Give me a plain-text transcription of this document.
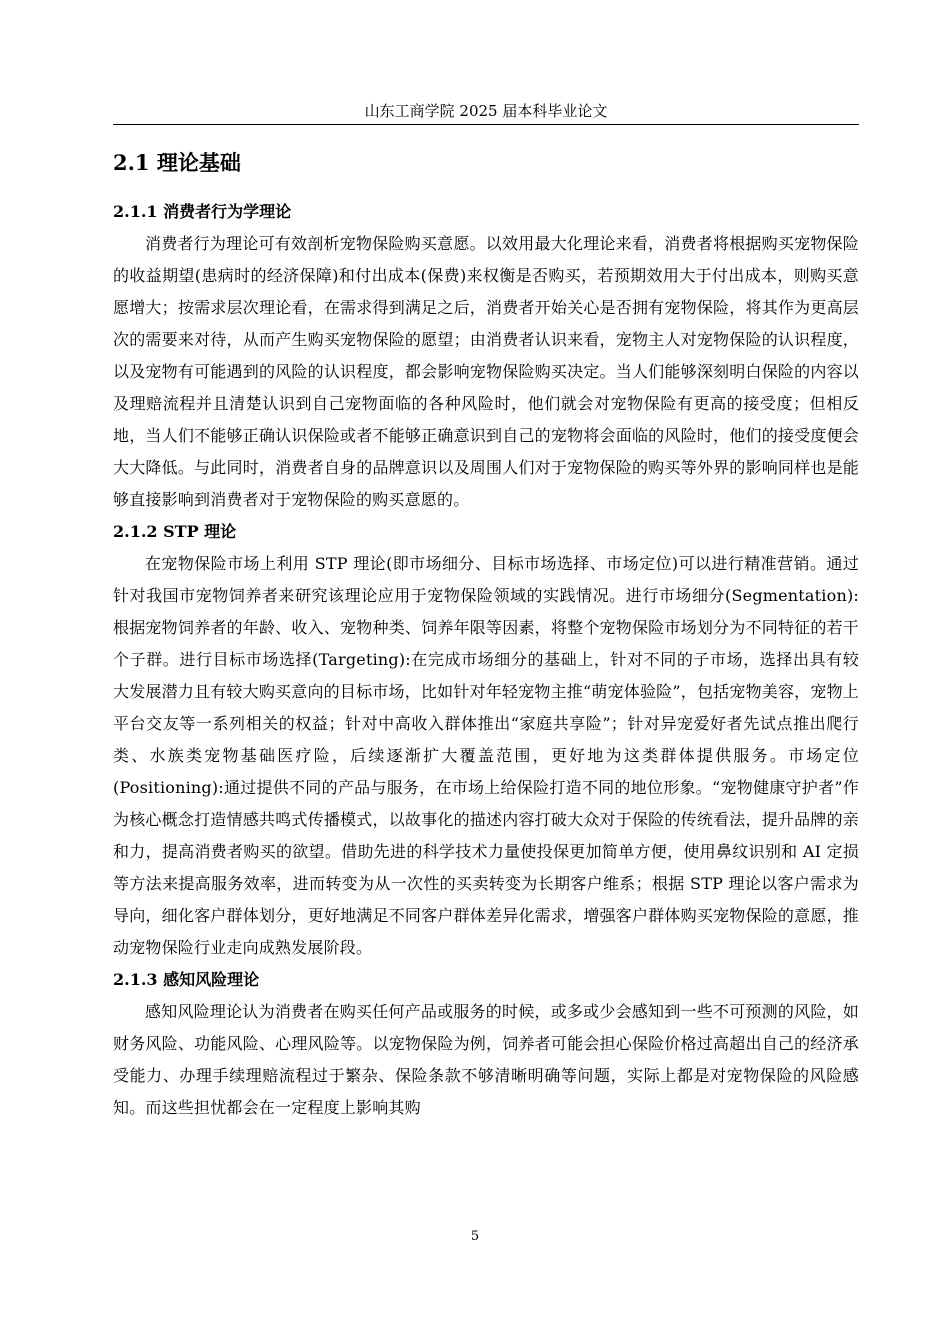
山东工商学院 2025 届本科毕业论文
2.1 理论基础
2.1.1 消费者行为学理论

消费者行为理论可有效剖析宠物保险购买意愿。以效用最大化理论来看，消费者将根据购买宠物保险的收益期望(患病时的经济保障)和付出成本(保费)来权衡是否购买，若预期效用大于付出成本，则购买意愿增大；按需求层次理论看，在需求得到满足之后，消费者开始关心是否拥有宠物保险，将其作为更高层次的需要来对待，从而产生购买宠物保险的愿望；由消费者认识来看，宠物主人对宠物保险的认识程度，以及宠物有可能遇到的风险的认识程度，都会影响宠物保险购买决定。当人们能够深刻明白保险的内容以及理赔流程并且清楚认识到自己宠物面临的各种风险时，他们就会对宠物保险有更高的接受度；但相反地，当人们不能够正确认识保险或者不能够正确意识到自己的宠物将会面临的风险时，他们的接受度便会大大降低。与此同时，消费者自身的品牌意识以及周围人们对于宠物保险的购买等外界的影响同样也是能够直接影响到消费者对于宠物保险的购买意愿的。

2.1.2 STP 理论

在宠物保险市场上利用 STP 理论(即市场细分、目标市场选择、市场定位)可以进行精准营销。通过针对我国市宠物饲养者来研究该理论应用于宠物保险领域的实践情况。进行市场细分(Segmentation):根据宠物饲养者的年龄、收入、宠物种类、饲养年限等因素，将整个宠物保险市场划分为不同特征的若干个子群。进行目标市场选择(Targeting):在完成市场细分的基础上，针对不同的子市场，选择出具有较大发展潜力且有较大购买意向的目标市场，比如针对年轻宠物主推“萌宠体验险”，包括宠物美容，宠物上平台交友等一系列相关的权益；针对中高收入群体推出“家庭共享险”；针对异宠爱好者先试点推出爬行类、水族类宠物基础医疗险，后续逐渐扩大覆盖范围，更好地为这类群体提供服务。市场定位(Positioning):通过提供不同的产品与服务，在市场上给保险打造不同的地位形象。“宠物健康守护者”作为核心概念打造情感共鸣式传播模式，以故事化的描述内容打破大众对于保险的传统看法，提升品牌的亲和力，提高消费者购买的欲望。借助先进的科学技术力量使投保更加简单方便，使用鼻纹识别和 AI 定损等方法来提高服务效率，进而转变为从一次性的买卖转变为长期客户维系；根据 STP 理论以客户需求为导向，细化客户群体划分，更好地满足不同客户群体差异化需求，增强客户群体购买宠物保险的意愿，推动宠物保险行业走向成熟发展阶段。

2.1.3 感知风险理论

感知风险理论认为消费者在购买任何产品或服务的时候，或多或少会感知到一些不可预测的风险，如财务风险、功能风险、心理风险等。以宠物保险为例，饲养者可能会担心保险价格过高超出自己的经济承受能力、办理手续理赔流程过于繁杂、保险条款不够清晰明确等问题，实际上都是对宠物保险的风险感知。而这些担忧都会在一定程度上影响其购

5
